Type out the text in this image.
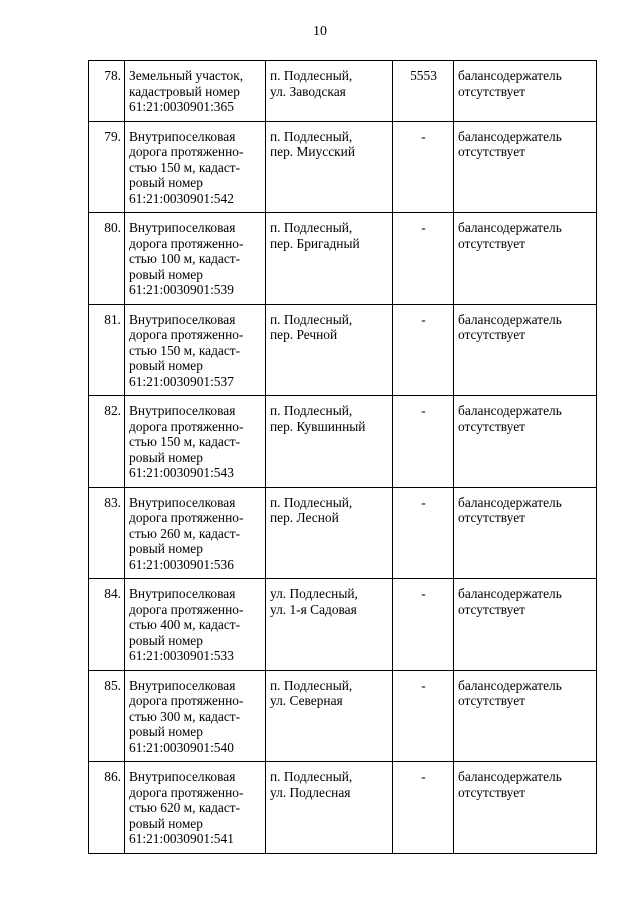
10
78.	Земельный участок,
кадастровый номер
61:21:0030901:365	п. Подлесный,
ул. Заводская	5553	балансодержатель
отсутствует

79.	Внутрипоселковая
дорога протяженно-
стью 150 м, кадаст-
ровый номер
61:21:0030901:542	п. Подлесный,
пер. Миусский	-	балансодержатель
отсутствует

80.	Внутрипоселковая
дорога протяженно-
стью 100 м, кадаст-
ровый номер
61:21:0030901:539	п. Подлесный,
пер. Бригадный	-	балансодержатель
отсутствует

81.	Внутрипоселковая
дорога протяженно-
стью 150 м, кадаст-
ровый номер
61:21:0030901:537	п. Подлесный,
пер. Речной	-	балансодержатель
отсутствует

82.	Внутрипоселковая
дорога протяженно-
стью 150 м, кадаст-
ровый номер
61:21:0030901:543	п. Подлесный,
пер. Кувшинный	-	балансодержатель
отсутствует

83.	Внутрипоселковая
дорога протяженно-
стью 260 м, кадаст-
ровый номер
61:21:0030901:536	п. Подлесный,
пер. Лесной	-	балансодержатель
отсутствует

84.	Внутрипоселковая
дорога протяженно-
стью 400 м, кадаст-
ровый номер
61:21:0030901:533	ул. Подлесный,
ул. 1-я Садовая	-	балансодержатель
отсутствует

85.	Внутрипоселковая
дорога протяженно-
стью 300 м, кадаст-
ровый номер
61:21:0030901:540	п. Подлесный,
ул. Северная	-	балансодержатель
отсутствует

86.	Внутрипоселковая
дорога протяженно-
стью 620 м, кадаст-
ровый номер
61:21:0030901:541	п. Подлесный,
ул. Подлесная	-	балансодержатель
отсутствует
